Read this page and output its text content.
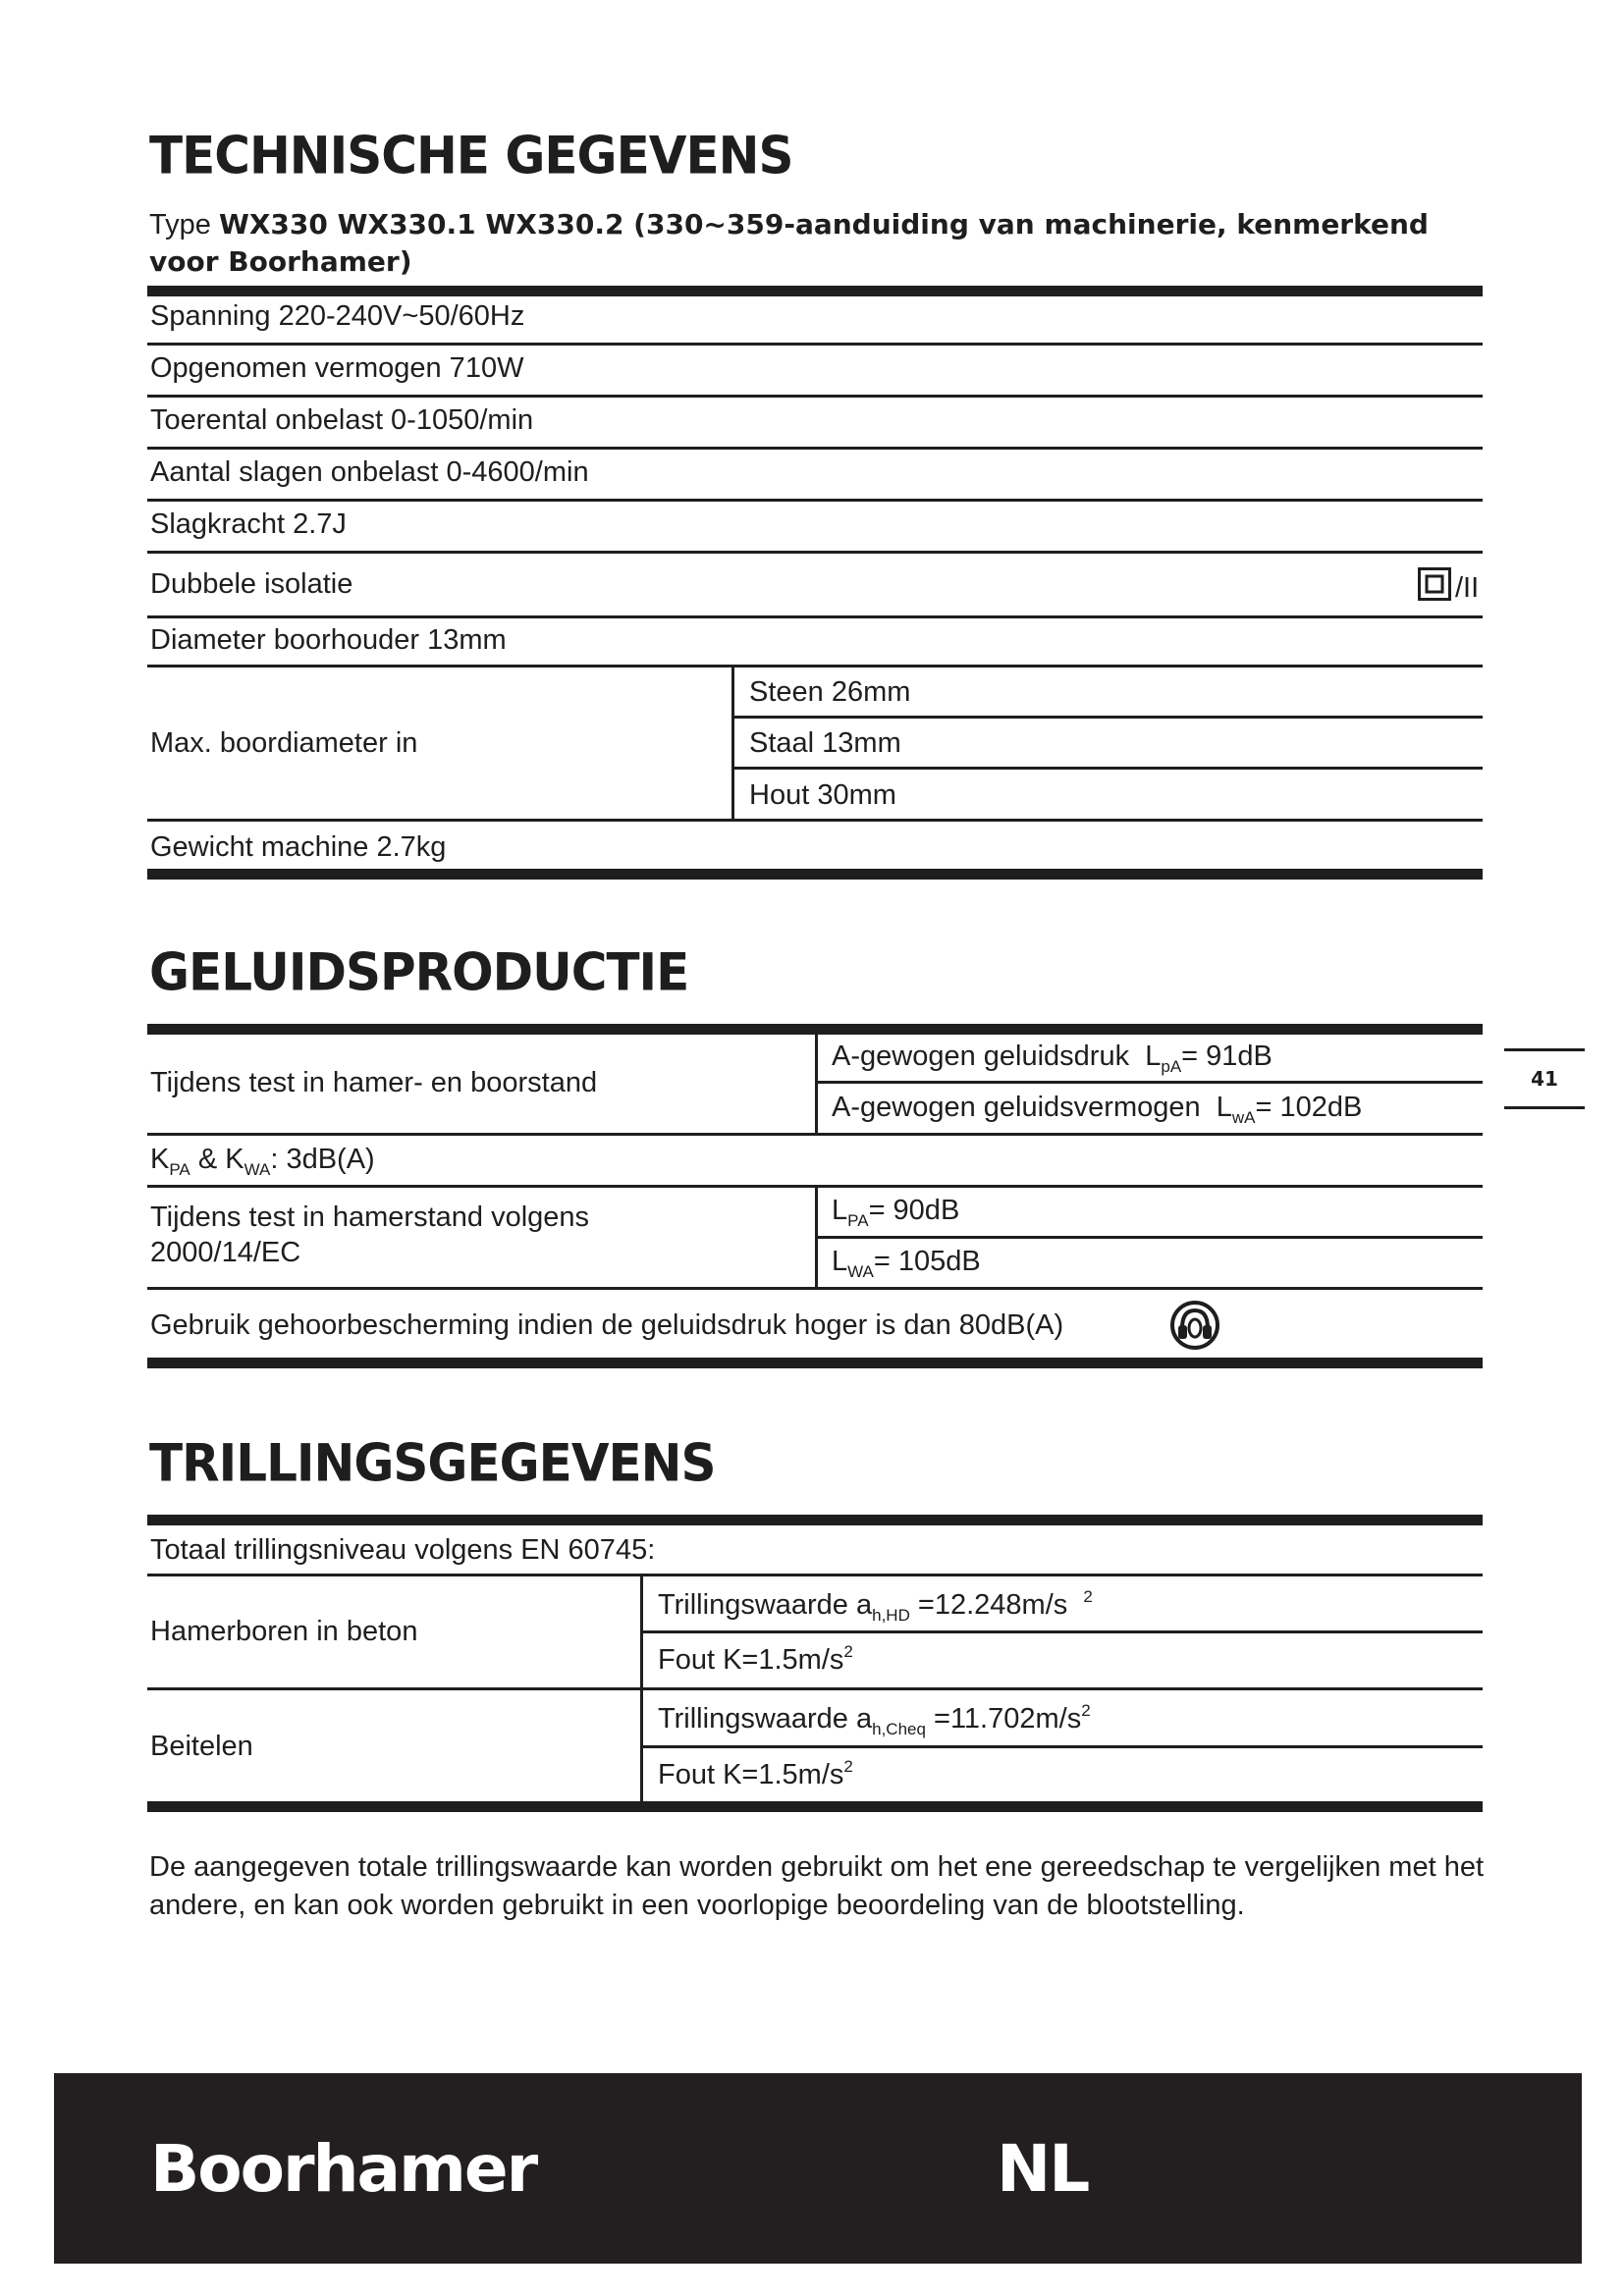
TECHNISCHE GEGEVENS
Type WX330 WX330.1 WX330.2 (330~359-aanduiding van machinerie, kenmerkend voor Boorhamer)
Spanning 220-240V~50/60Hz
Opgenomen vermogen 710W
Toerental onbelast 0-1050/min
Aantal slagen onbelast 0-4600/min
Slagkracht 2.7J
Dubbele isolatie	/II
Diameter boorhouder 13mm
Max. boordiameter in
Steen 26mm
Staal 13mm
Hout 30mm
Gewicht machine 2.7kg
GELUIDSPRODUCTIE
Tijdens test in hamer- en boorstand
A-gewogen geluidsdruk $L_{pA}= 91dB$
A-gewogen geluidsvermogen $L_{wA}= 102dB$
$K_{PA}$ & $K_{WA}$: 3dB(A)
Tijdens test in hamerstand volgens 2000/14/EC
$L_{PA}= 90dB$
$L_{WA}= 105dB$
Gebruik gehoorbescherming indien de geluidsdruk hoger is dan 80dB(A)
41
TRILLINGSGEGEVENS
Totaal trillingsniveau volgens EN 60745:
Hamerboren in beton
Trillingswaarde $a_{h,HD} =12.248m/s$ $^2$
Fout $K=1.5m/s^2$
Beitelen
Trillingswaarde $a_{h,Cheq} =11.702m/s^2$
Fout $K=1.5m/s^2$

De aangegeven totale trillingswaarde kan worden gebruikt om het ene gereedschap te vergelijken met het andere, en kan ook worden gebruikt in een voorlopige beoordeling van de blootstelling.

Boorhamer	NL
